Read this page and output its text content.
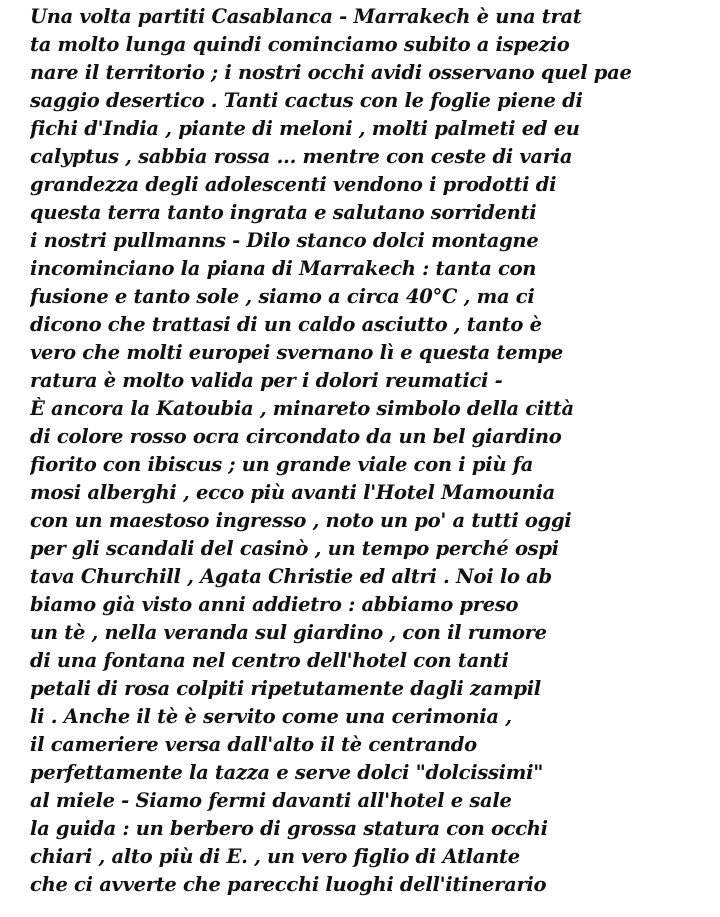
Una volta partiti Casablanca - Marrakech è una trat
ta molto lunga quindi cominciamo subito a ispezio
nare il territorio ; i nostri occhi avidi osservano quel pae
saggio desertico . Tanti cactus con le foglie piene di
fichi d'India , piante di meloni , molti palmeti ed eu
calyptus , sabbia rossa ... mentre con ceste di varia
grandezza degli adolescenti vendono i prodotti di
questa terra tanto ingrata e salutano sorridenti
i nostri pullmanns - Dilo stanco dolci montagne
incominciano la piana di Marrakech : tanta con
fusione e tanto sole , siamo a circa 40°C , ma ci
dicono che trattasi di un caldo asciutto , tanto è
vero che molti europei svernano lì e questa tempe
ratura è molto valida per i dolori reumatici -
È ancora la Katoubia , minareto simbolo della città
di colore rosso ocra circondato da un bel giardino
fiorito con ibiscus ; un grande viale con i più fa
mosi alberghi , ecco più avanti l'Hotel Mamounia
con un maestoso ingresso , noto un po' a tutti oggi
per gli scandali del casinò , un tempo perché ospi
tava Churchill , Agata Christie ed altri . Noi lo ab
biamo già visto anni addietro : abbiamo preso
un tè , nella veranda sul giardino , con il rumore
di una fontana nel centro dell'hotel con tanti
petali di rosa colpiti ripetutamente dagli zampil
li . Anche il tè è servito come una cerimonia ,
il cameriere versa dall'alto il tè centrando
perfettamente la tazza e serve dolci "dolcissimi"
al miele - Siamo fermi davanti all'hotel e sale
la guida : un berbero di grossa statura con occhi
chiari , alto più di E. , un vero figlio di Atlante
che ci avverte che parecchi luoghi dell'itinerario
